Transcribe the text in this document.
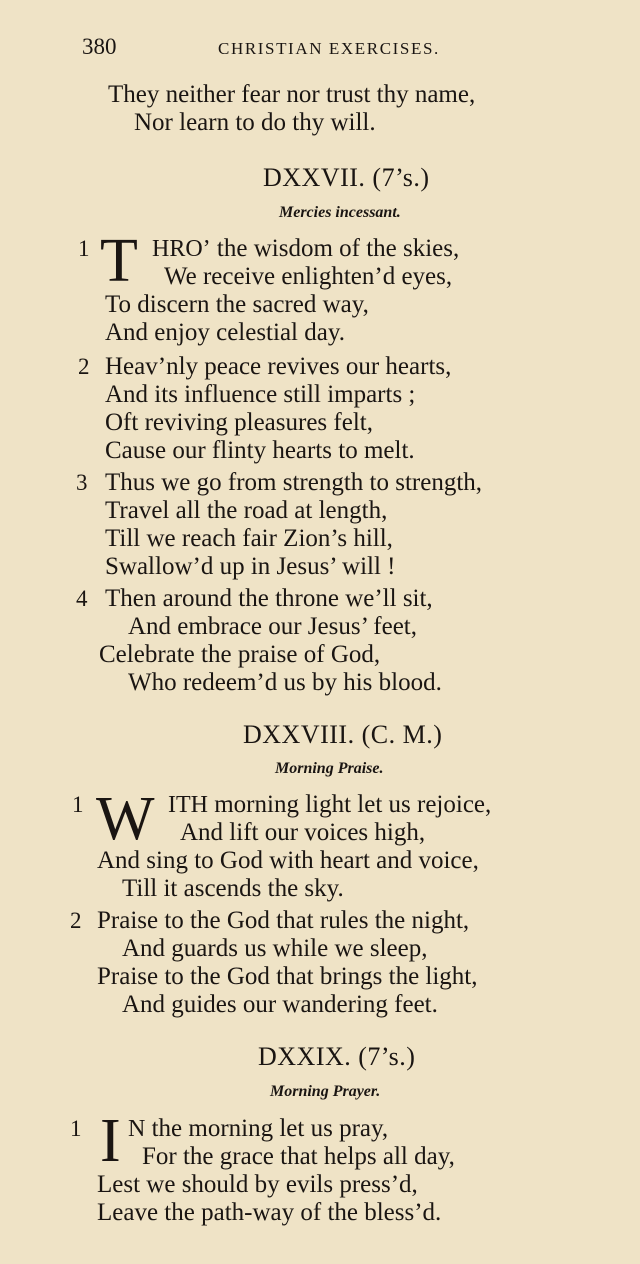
380	CHRISTIAN EXERCISES.
They neither fear nor trust thy name,
Nor learn to do thy will.
DXXVII. (7’s.)
Mercies incessant.
1 T HRO’ the wisdom of the skies,
We receive enlighten’d eyes,
To discern the sacred way,
And enjoy celestial day.
2 Heav’nly peace revives our hearts,
And its influence still imparts ;
Oft reviving pleasures felt,
Cause our flinty hearts to melt.
3 Thus we go from strength to strength,
Travel all the road at length,
Till we reach fair Zion’s hill,
Swallow’d up in Jesus’ will !
4 Then around the throne we’ll sit,
And embrace our Jesus’ feet,
Celebrate the praise of God,
Who redeem’d us by his blood.
DXXVIII. (C. M.)
Morning Praise.
1 W ITH morning light let us rejoice,
And lift our voices high,
And sing to God with heart and voice,
Till it ascends the sky.
2 Praise to the God that rules the night,
And guards us while we sleep,
Praise to the God that brings the light,
And guides our wandering feet.
DXXIX. (7’s.)
Morning Prayer.
1 I N the morning let us pray,
For the grace that helps all day,
Lest we should by evils press’d,
Leave the path-way of the bless’d.
